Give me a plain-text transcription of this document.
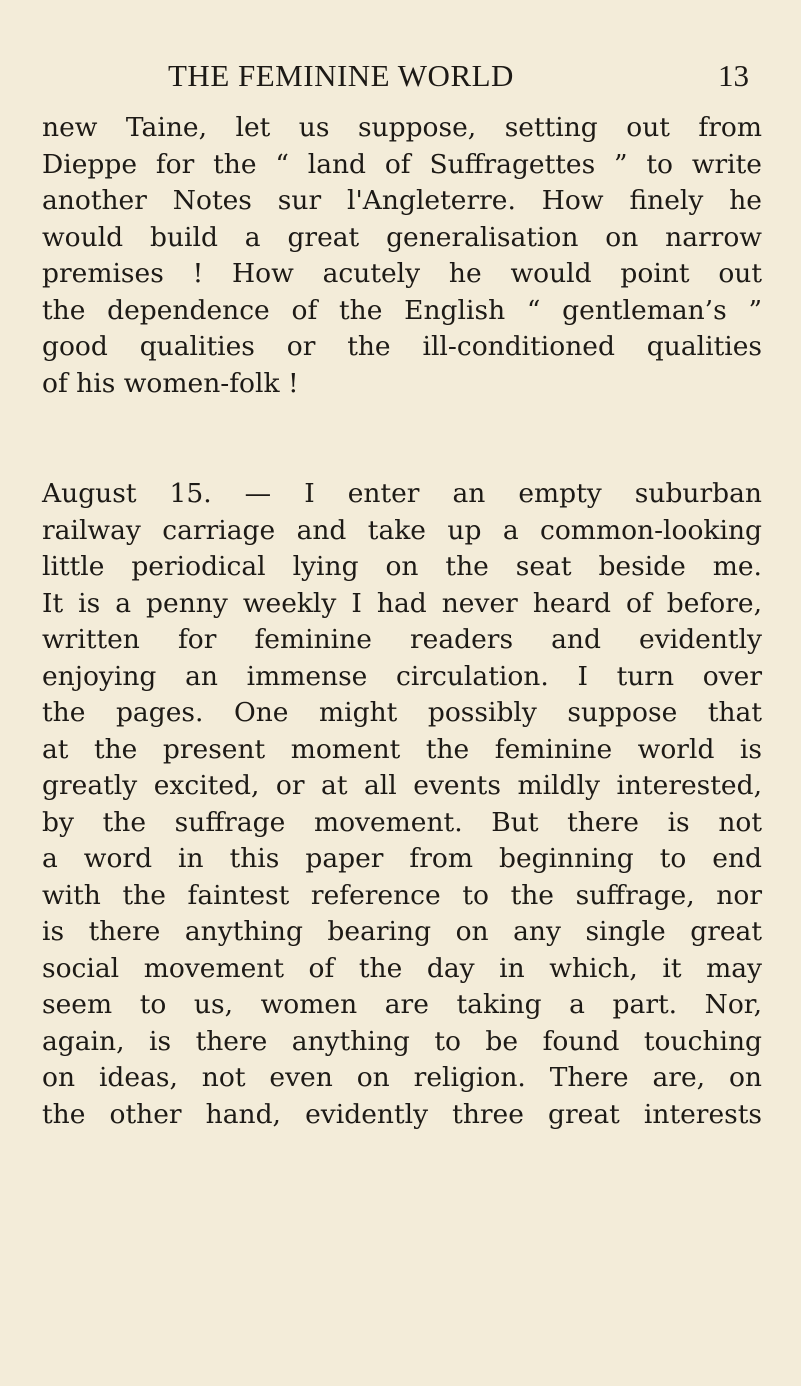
THE FEMININE WORLD	13
new Taine, let us suppose, setting out from
Dieppe for the “ land of Suffragettes ” to write
another Notes sur l'Angleterre. How finely he
would build a great generalisation on narrow
premises ! How acutely he would point out
the dependence of the English “ gentleman’s ”
good qualities or the ill-conditioned qualities
of his women-folk !
August 15. — I enter an empty suburban
railway carriage and take up a common-looking
little periodical lying on the seat beside me.
It is a penny weekly I had never heard of before,
written for feminine readers and evidently
enjoying an immense circulation. I turn over
the pages. One might possibly suppose that
at the present moment the feminine world is
greatly excited, or at all events mildly interested,
by the suffrage movement. But there is not
a word in this paper from beginning to end
with the faintest reference to the suffrage, nor
is there anything bearing on any single great
social movement of the day in which, it may
seem to us, women are taking a part. Nor,
again, is there anything to be found touching
on ideas, not even on religion. There are, on
the other hand, evidently three great interests
